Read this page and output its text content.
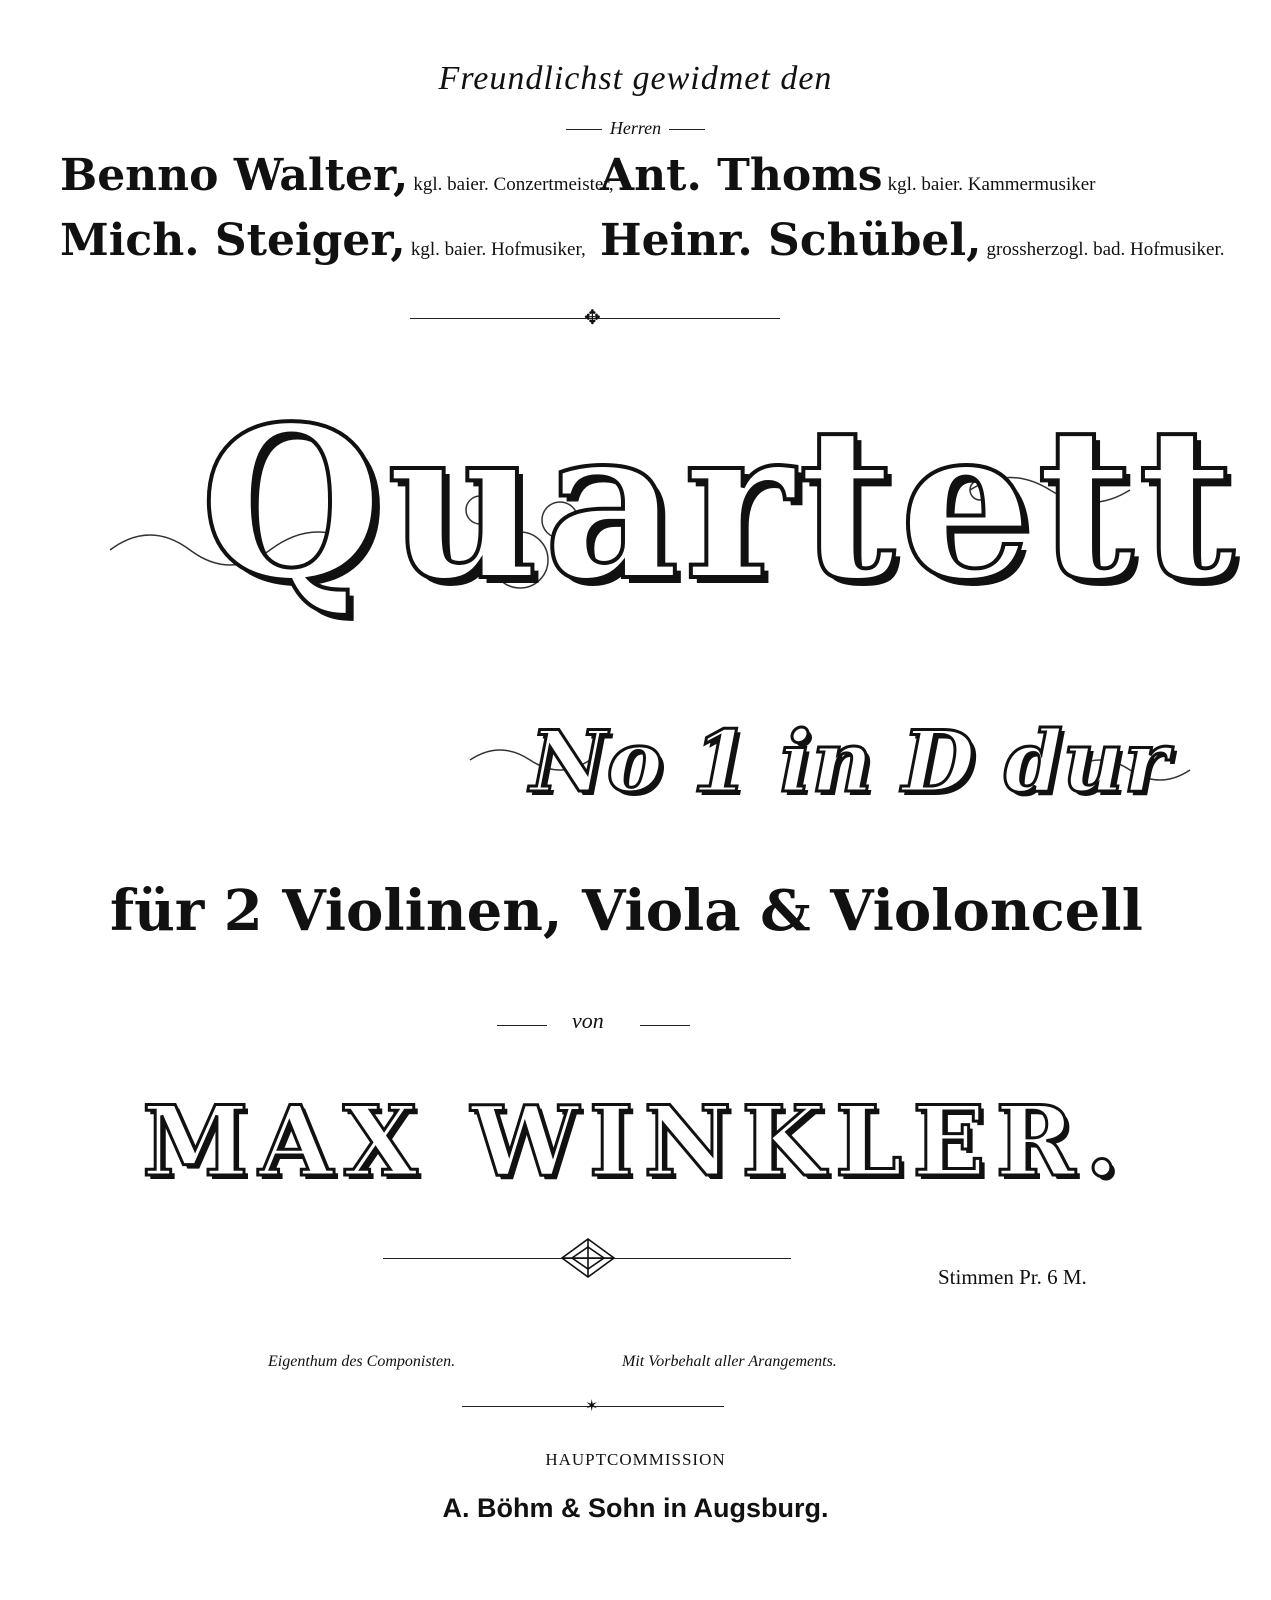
Freundlichst gewidmet den
Herren
Benno Walter, kgl. baier. Conzertmeister,
Ant. Thoms kgl. baier. Kammermusiker
Mich. Steiger, kgl. baier. Hofmusiker, Heinr. Schübel, grossherzogl. bad. Hofmusiker.
✥
Quartett
No 1 in D dur
für 2 Violinen, Viola & Violoncell
von
MAX WINKLER.
Stimmen Pr. 6 M.
Eigenthum des Componisten.	Mit Vorbehalt aller Arangements.
✶
HAUPTCOMMISSION
A. Böhm & Sohn in Augsburg.
